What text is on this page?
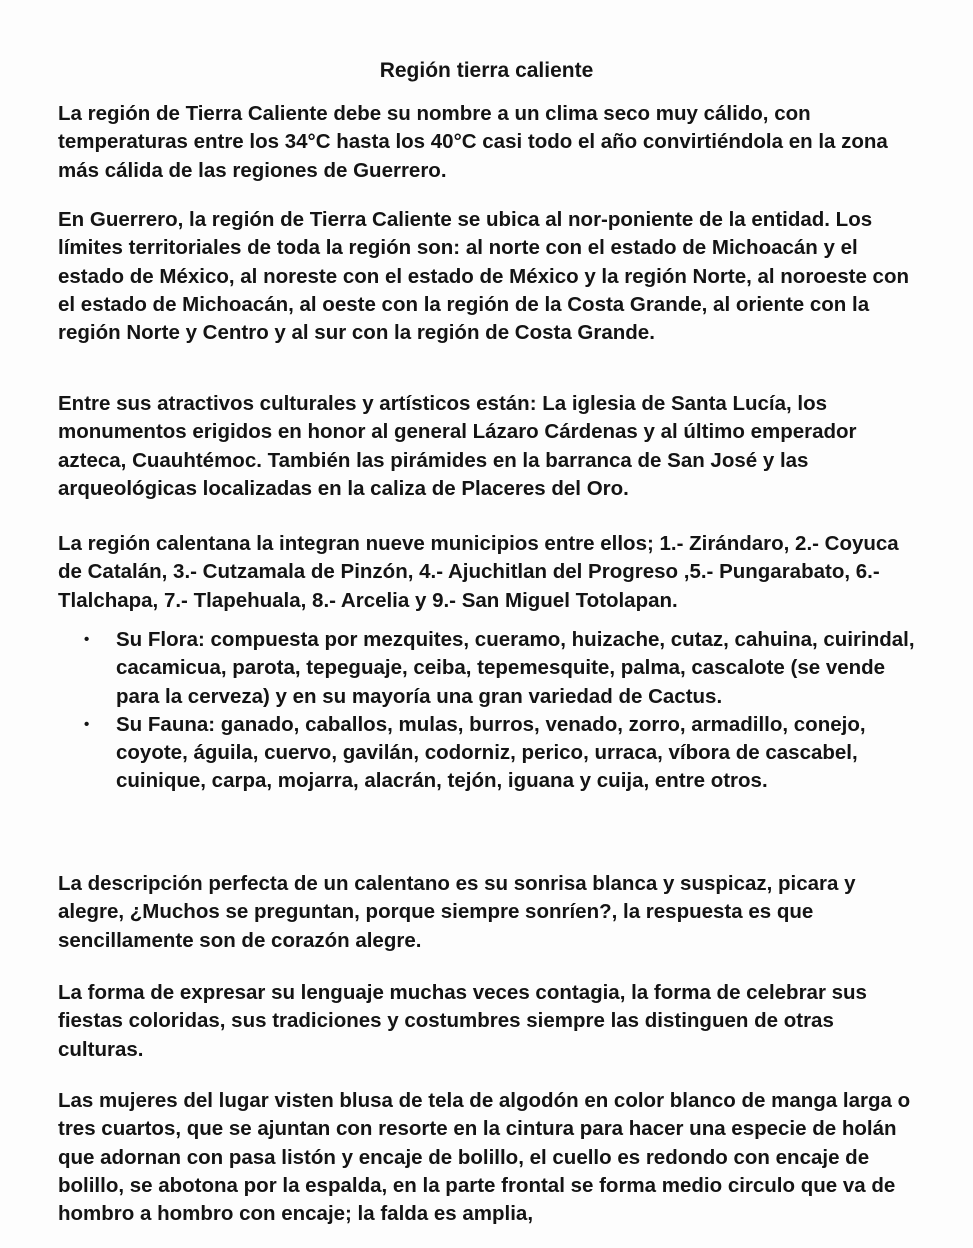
Región tierra caliente

La región de Tierra Caliente debe su nombre a un clima seco muy cálido, con temperaturas entre los 34°C hasta los 40°C casi todo el año convirtiéndola en la zona más cálida de las regiones de Guerrero.

En Guerrero, la región de Tierra Caliente se ubica al nor-poniente de la entidad. Los límites territoriales de toda la región son: al norte con el estado de Michoacán y el estado de México, al noreste con el estado de México y la región Norte, al noroeste con el estado de Michoacán, al oeste con la región de la Costa Grande, al oriente con la región Norte y Centro y al sur con la región de Costa Grande.

Entre sus atractivos culturales y artísticos están: La iglesia de Santa Lucía, los monumentos erigidos en honor al general Lázaro Cárdenas y al último emperador azteca, Cuauhtémoc. También las pirámides en la barranca de San José y las arqueológicas localizadas en la caliza de Placeres del Oro.

La región calentana la integran nueve municipios entre ellos; 1.- Zirándaro, 2.- Coyuca de Catalán, 3.- Cutzamala de Pinzón, 4.- Ajuchitlan del Progreso ,5.- Pungarabato, 6.- Tlalchapa, 7.- Tlapehuala, 8.- Arcelia y 9.- San Miguel Totolapan.

• Su Flora: compuesta por mezquites, cueramo, huizache, cutaz, cahuina, cuirindal, cacamicua, parota, tepeguaje, ceiba, tepemesquite, palma, cascalote (se vende para la cerveza) y en su mayoría una gran variedad de Cactus.
• Su Fauna: ganado, caballos, mulas, burros, venado, zorro, armadillo, conejo, coyote, águila, cuervo, gavilán, codorniz, perico, urraca, víbora de cascabel, cuinique, carpa, mojarra, alacrán, tejón, iguana y cuija, entre otros.

La descripción perfecta de un calentano es su sonrisa blanca y suspicaz, picara y alegre, ¿Muchos se preguntan, porque siempre sonríen?, la respuesta es que sencillamente son de corazón alegre.

La forma de expresar su lenguaje muchas veces contagia, la forma de celebrar sus fiestas coloridas, sus tradiciones y costumbres siempre las distinguen de otras culturas.

Las mujeres del lugar visten blusa de tela de algodón en color blanco de manga larga o tres cuartos, que se ajuntan con resorte en la cintura para hacer una especie de holán que adornan con pasa listón y encaje de bolillo, el cuello es redondo con encaje de bolillo, se abotona por la espalda, en la parte frontal se forma medio circulo que va de hombro a hombro con encaje; la falda es amplia,
